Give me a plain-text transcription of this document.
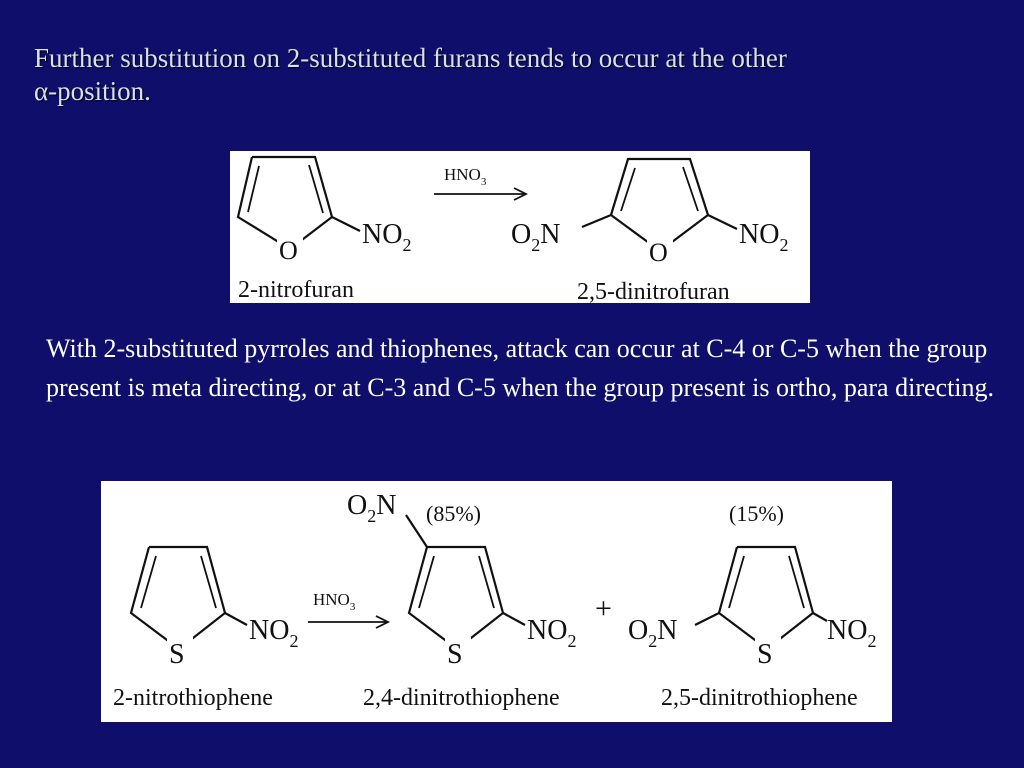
Further substitution on 2-substituted furans tends to occur at the other
α-position.
O
$NO_2$
2-nitrofuran
$HNO_3$
$O_2N$
O
$NO_2$
2,5-dinitrofuran
With 2-substituted pyrroles and thiophenes, attack can occur at C-4 or C-5 when the group present is meta directing, or at C-3 and C-5 when the group present is ortho, para directing.
S
$NO_2$
2-nitrothiophene
$HNO_3$
$O_2N$ (85%)
S
$NO_2$
2,4-dinitrothiophene
+
(15%)
$O_2N$
S
$NO_2$
2,5-dinitrothiophene
